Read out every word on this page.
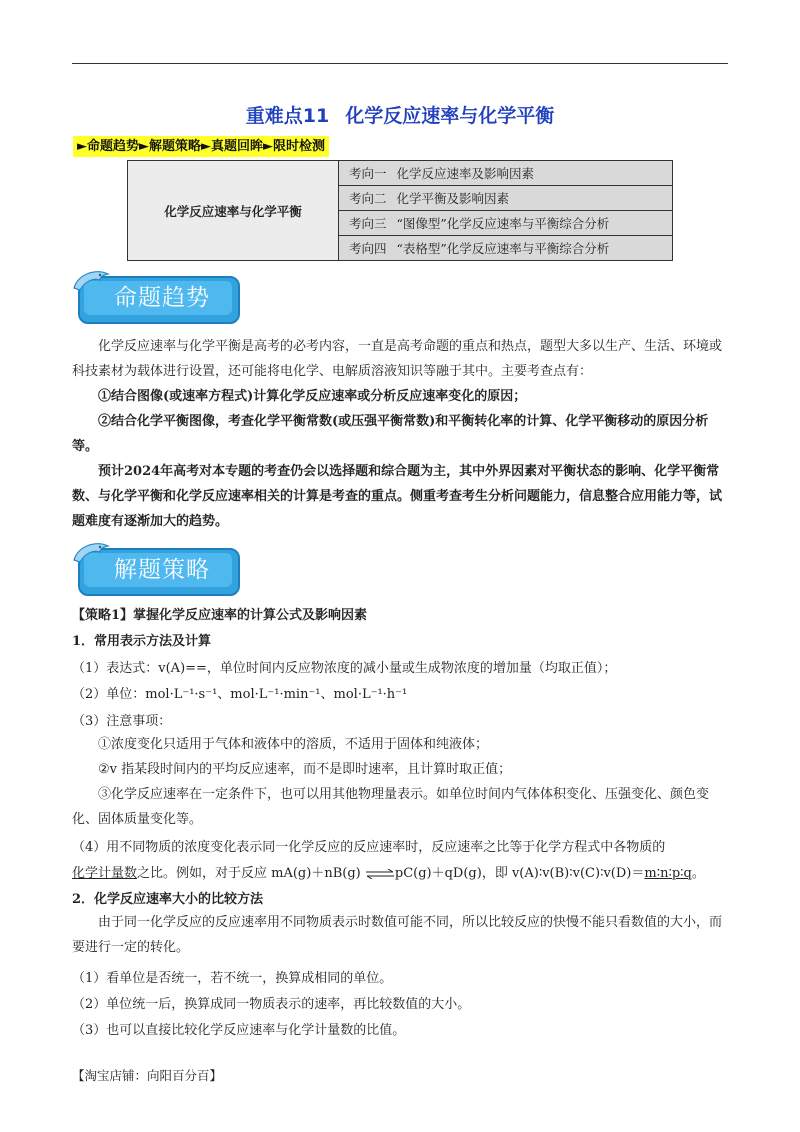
重难点11 化学反应速率与化学平衡
►命题趋势►解题策略►真题回眸►限时检测
化学反应速率与化学平衡	考向一 化学反应速率及影响因素
考向二 化学平衡及影响因素
考向三 “图像型”化学反应速率与平衡综合分析
考向四 “表格型”化学反应速率与平衡综合分析
命题趋势
化学反应速率与化学平衡是高考的必考内容，一直是高考命题的重点和热点，题型大多以生产、生活、环境或科技素材为载体进行设置，还可能将电化学、电解质溶液知识等融于其中。主要考查点有：
①结合图像(或速率方程式)计算化学反应速率或分析反应速率变化的原因；
②结合化学平衡图像，考查化学平衡常数(或压强平衡常数)和平衡转化率的计算、化学平衡移动的原因分析等。
预计2024年高考对本专题的考查仍会以选择题和综合题为主，其中外界因素对平衡状态的影响、化学平衡常数、与化学平衡和化学反应速率相关的计算是考查的重点。侧重考查考生分析问题能力，信息整合应用能力等，试题难度有逐渐加大的趋势。
解题策略
【策略1】掌握化学反应速率的计算公式及影响因素
1．常用表示方法及计算
（1）表达式：v(A)==，单位时间内反应物浓度的减小量或生成物浓度的增加量（均取正值）；
（2）单位：mol·L⁻¹·s⁻¹、mol·L⁻¹·min⁻¹、mol·L⁻¹·h⁻¹
（3）注意事项：
①浓度变化只适用于气体和液体中的溶质，不适用于固体和纯液体；
②v 指某段时间内的平均反应速率，而不是即时速率，且计算时取正值；
③化学反应速率在一定条件下，也可以用其他物理量表示。如单位时间内气体体积变化、压强变化、颜色变化、固体质量变化等。
（4）用不同物质的浓度变化表示同一化学反应的反应速率时，反应速率之比等于化学方程式中各物质的
化学计量数之比。例如，对于反应 mA(g)＋nB(g) ⇌pC(g)＋qD(g)，即 v(A)∶v(B)∶v(C)∶v(D)＝m∶n∶p∶q。
2．化学反应速率大小的比较方法
由于同一化学反应的反应速率用不同物质表示时数值可能不同，所以比较反应的快慢不能只看数值的大小，而要进行一定的转化。
（1）看单位是否统一，若不统一，换算成相同的单位。
（2）单位统一后，换算成同一物质表示的速率，再比较数值的大小。
（3）也可以直接比较化学反应速率与化学计量数的比值。
【淘宝店铺：向阳百分百】
